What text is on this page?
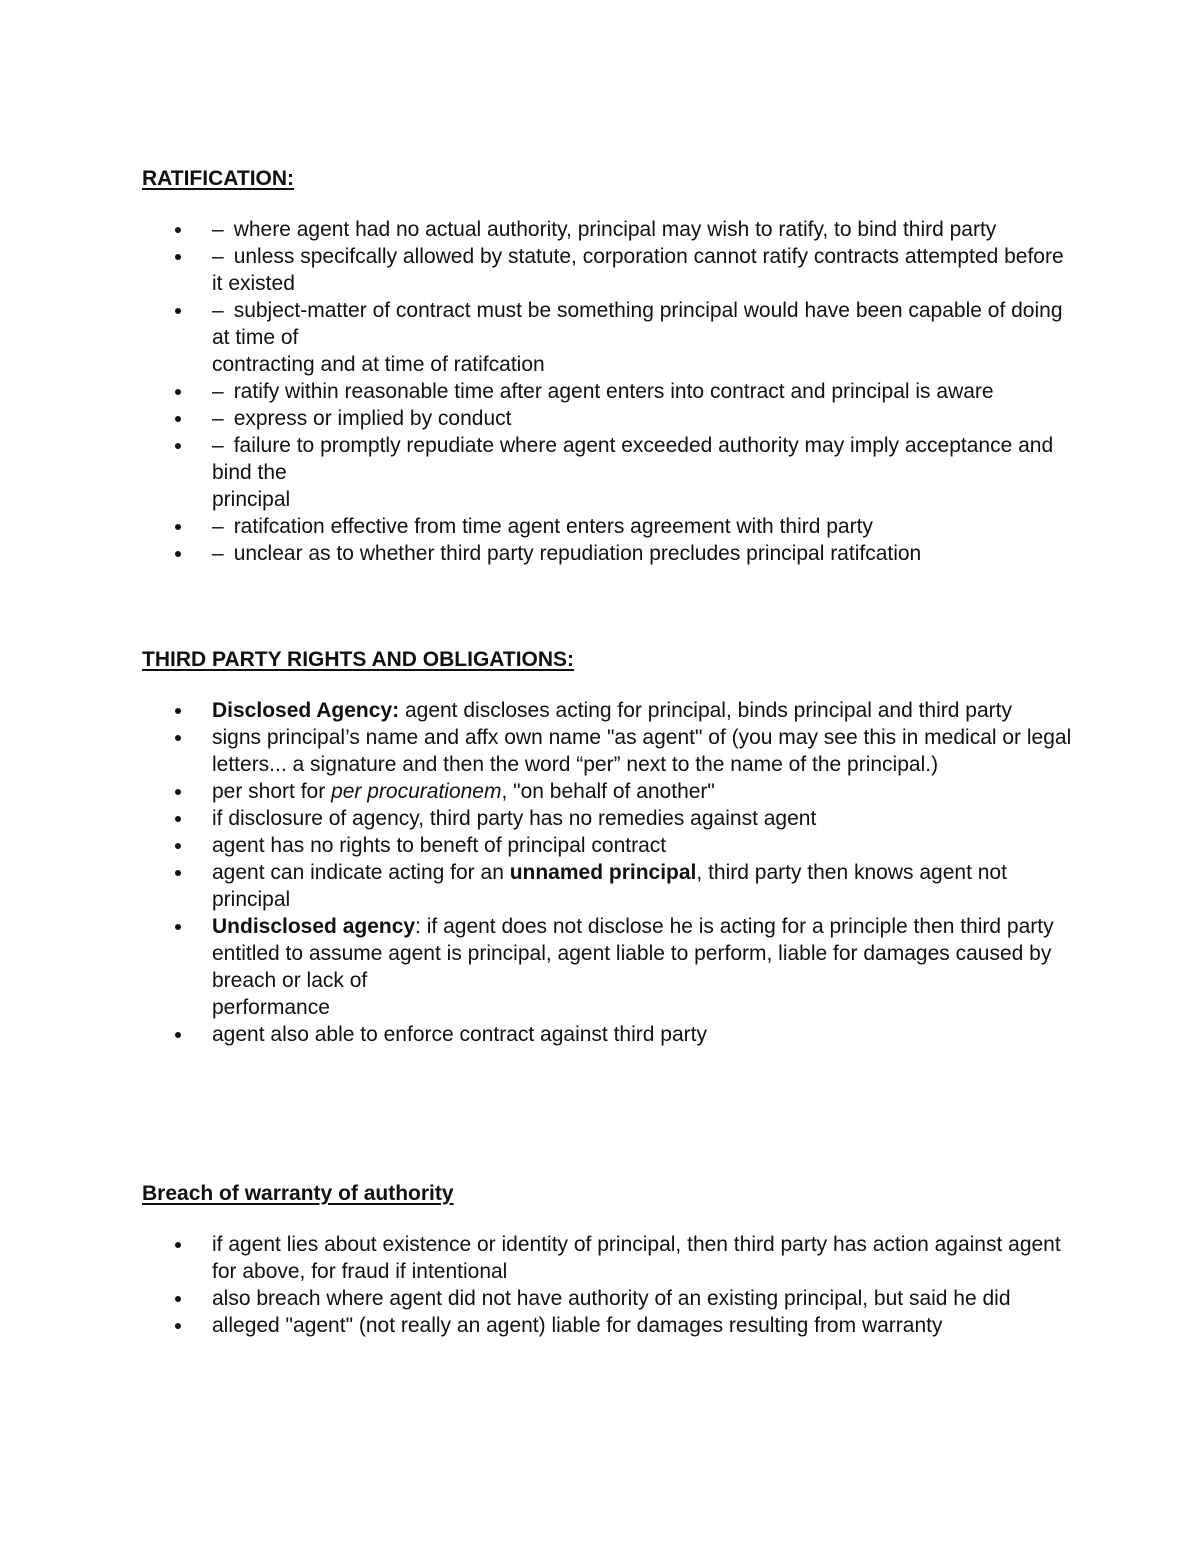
RATIFICATION:

– where agent had no actual authority, principal may wish to ratify, to bind third party
– unless specifcally allowed by statute, corporation cannot ratify contracts attempted before it existed
– subject-matter of contract must be something principal would have been capable of doing at time of
contracting and at time of ratifcation
– ratify within reasonable time after agent enters into contract and principal is aware
– express or implied by conduct
– failure to promptly repudiate where agent exceeded authority may imply acceptance and bind the
principal
– ratifcation effective from time agent enters agreement with third party
– unclear as to whether third party repudiation precludes principal ratifcation

THIRD PARTY RIGHTS AND OBLIGATIONS:

Disclosed Agency: agent discloses acting for principal, binds principal and third party
signs principal’s name and affx own name "as agent" of (you may see this in medical or legal letters... a signature and then the word “per” next to the name of the principal.)
per short for per procurationem, "on behalf of another"
if disclosure of agency, third party has no remedies against agent
agent has no rights to beneft of principal contract
agent can indicate acting for an unnamed principal, third party then knows agent not principal
Undisclosed agency: if agent does not disclose he is acting for a principle then third party entitled to assume agent is principal, agent liable to perform, liable for damages caused by breach or lack of
performance
agent also able to enforce contract against third party

Breach of warranty of authority

if agent lies about existence or identity of principal, then third party has action against agent for above, for fraud if intentional
also breach where agent did not have authority of an existing principal, but said he did
alleged "agent" (not really an agent) liable for damages resulting from warranty
